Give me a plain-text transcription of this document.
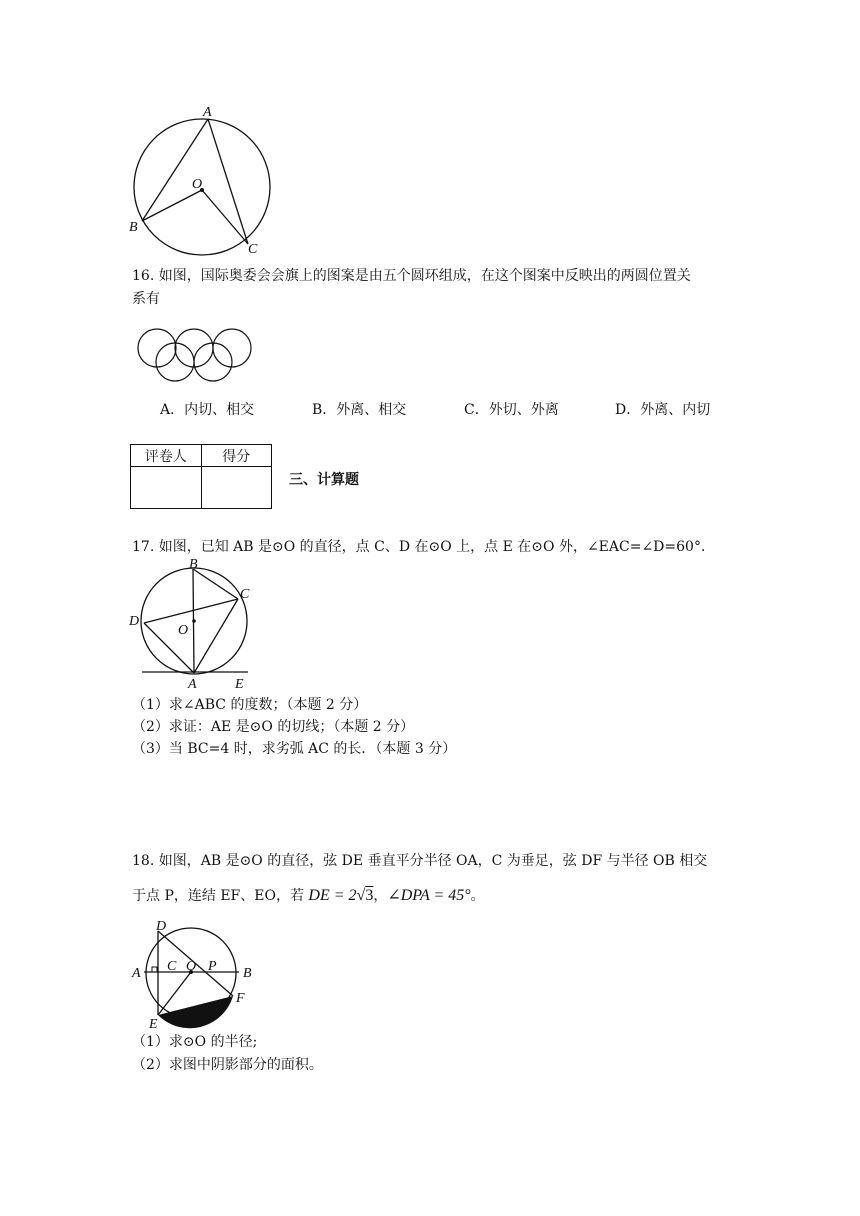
A
O
B
C
16. 如图，国际奥委会会旗上的图案是由五个圆环组成，在这个图案中反映出的两圆位置关
系有
A．内切、相交	B．外离、相交	C．外切、外离	D．外离、内切
评卷人	得分

三、计算题
17. 如图，已知 AB 是⊙O 的直径，点 C、D 在⊙O 上，点 E 在⊙O 外，∠EAC=∠D=60°．
B
C
D
O
A	E
（1）求∠ABC 的度数；（本题 2 分）
（2）求证：AE 是⊙O 的切线；（本题 2 分）
（3）当 BC=4 时，求劣弧 AC 的长．（本题 3 分）
18. 如图，AB 是⊙O 的直径，弦 DE 垂直平分半径 OA，C 为垂足，弦 DF 与半径 OB 相交
于点 P，连结 EF、EO，若 DE = 2√3，∠DPA = 45°。
D
A C O P B
F
E
（1）求⊙O 的半径;
（2）求图中阴影部分的面积。
